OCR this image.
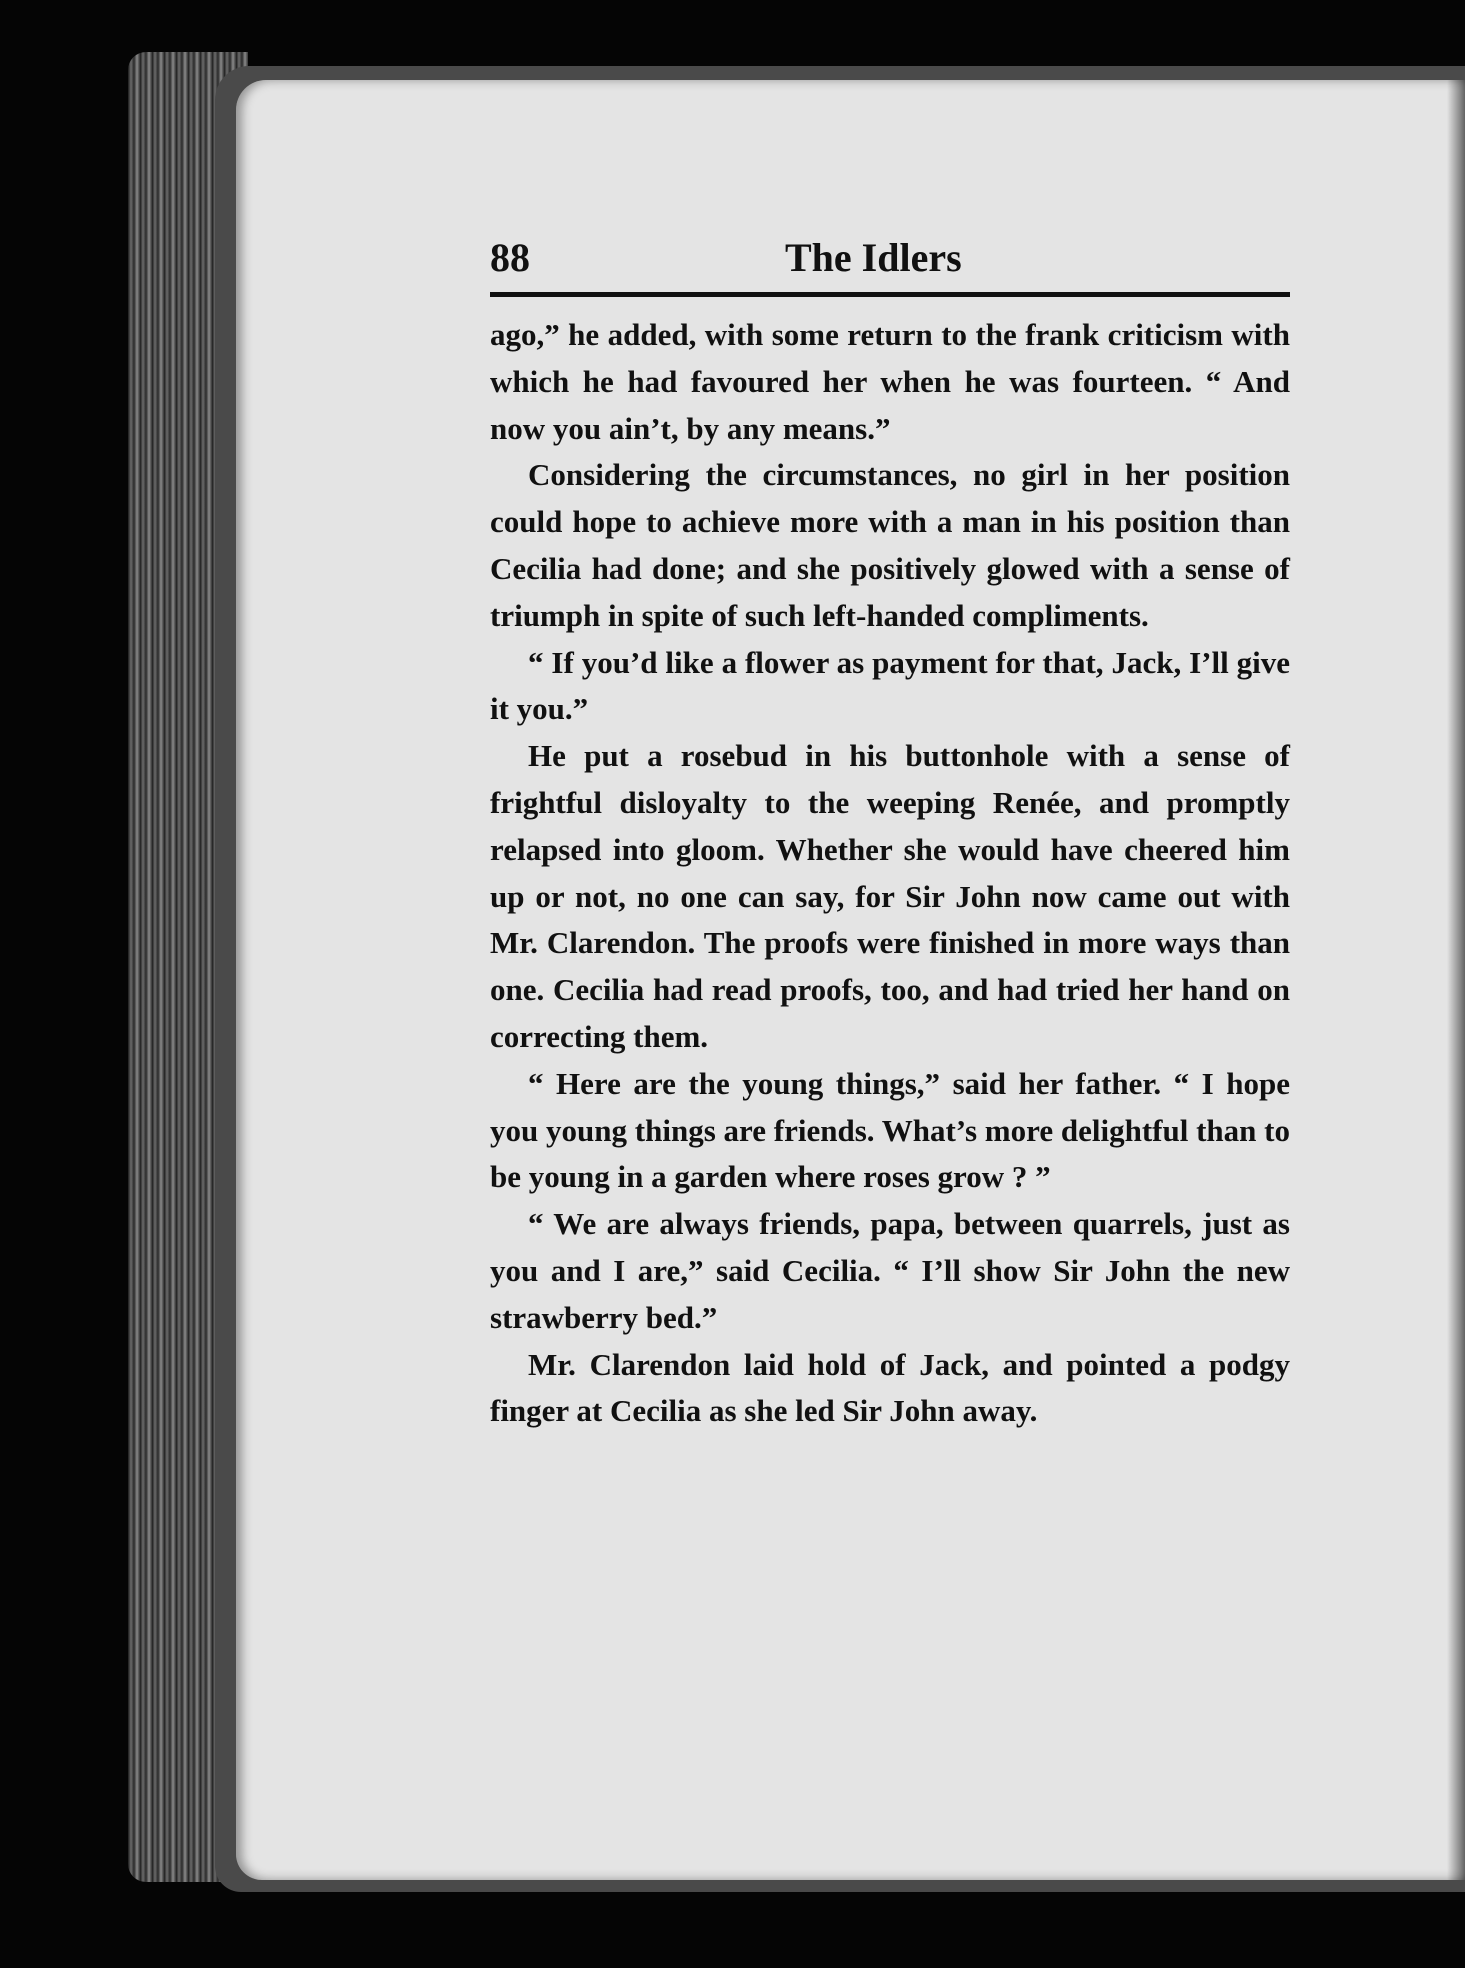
88	The Idlers

ago,” he added, with some return to the frank criticism with which he had favoured her when he was fourteen. “ And now you ain’t, by any means.”

Considering the circumstances, no girl in her position could hope to achieve more with a man in his position than Cecilia had done; and she positively glowed with a sense of triumph in spite of such left-handed compliments.

“ If you’d like a flower as payment for that, Jack, I’ll give it you.”

He put a rosebud in his buttonhole with a sense of frightful disloyalty to the weeping Renée, and promptly relapsed into gloom. Whether she would have cheered him up or not, no one can say, for Sir John now came out with Mr. Clarendon. The proofs were finished in more ways than one. Cecilia had read proofs, too, and had tried her hand on correcting them.

“ Here are the young things,” said her father. “ I hope you young things are friends. What’s more delightful than to be young in a garden where roses grow ? ”

“ We are always friends, papa, between quarrels, just as you and I are,” said Cecilia. “ I’ll show Sir John the new strawberry bed.”

Mr. Clarendon laid hold of Jack, and pointed a podgy finger at Cecilia as she led Sir John away.
